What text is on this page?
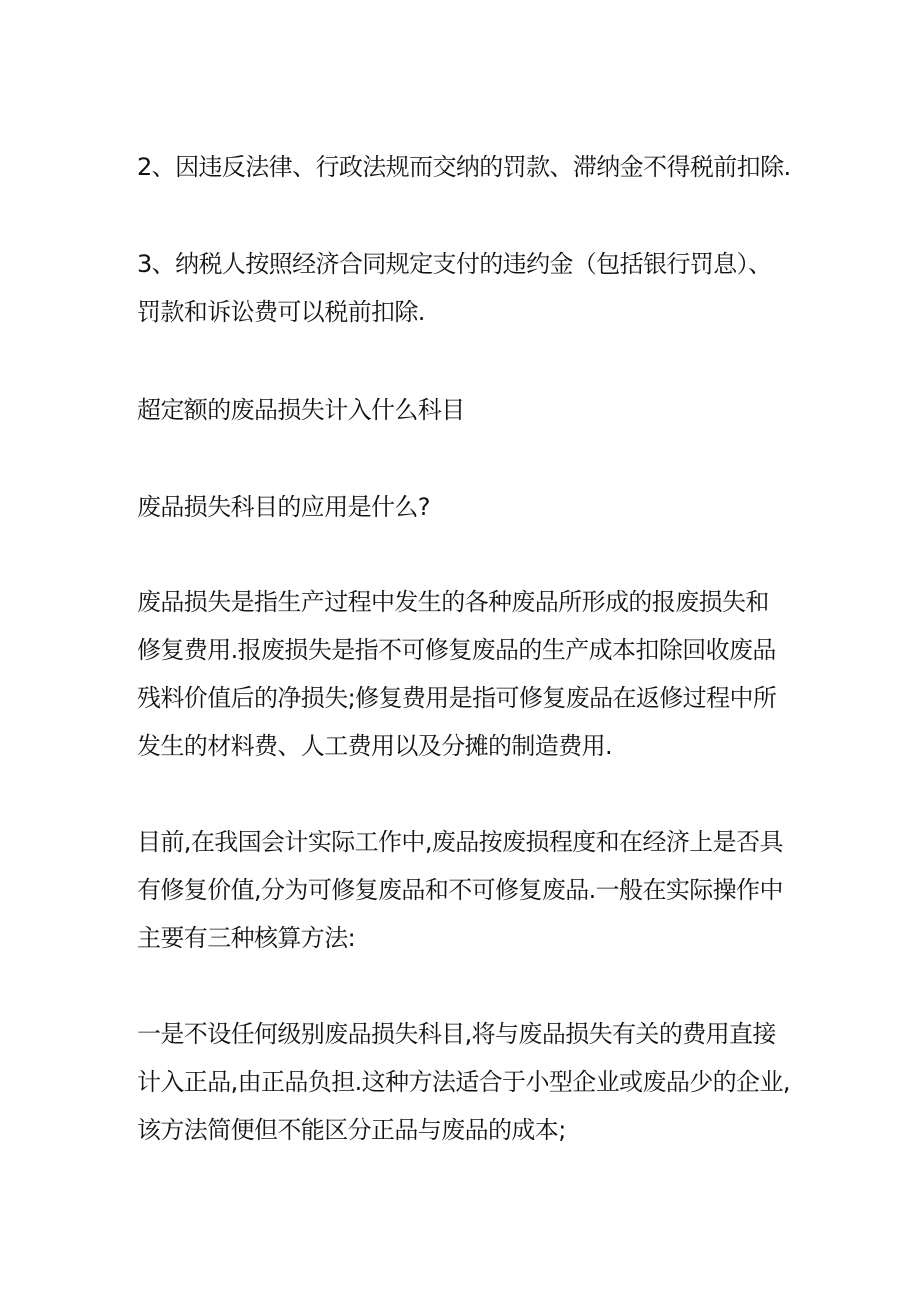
2、因违反法律、行政法规而交纳的罚款、滞纳金不得税前扣除.

3、纳税人按照经济合同规定支付的违约金（包括银行罚息）、
罚款和诉讼费可以税前扣除.

超定额的废品损失计入什么科目

废品损失科目的应用是什么?

废品损失是指生产过程中发生的各种废品所形成的报废损失和
修复费用.报废损失是指不可修复废品的生产成本扣除回收废品
残料价值后的净损失;修复费用是指可修复废品在返修过程中所
发生的材料费、人工费用以及分摊的制造费用.

目前,在我国会计实际工作中,废品按废损程度和在经济上是否具
有修复价值,分为可修复废品和不可修复废品.一般在实际操作中
主要有三种核算方法:

一是不设任何级别废品损失科目,将与废品损失有关的费用直接
计入正品,由正品负担.这种方法适合于小型企业或废品少的企业,
该方法简便但不能区分正品与废品的成本;
